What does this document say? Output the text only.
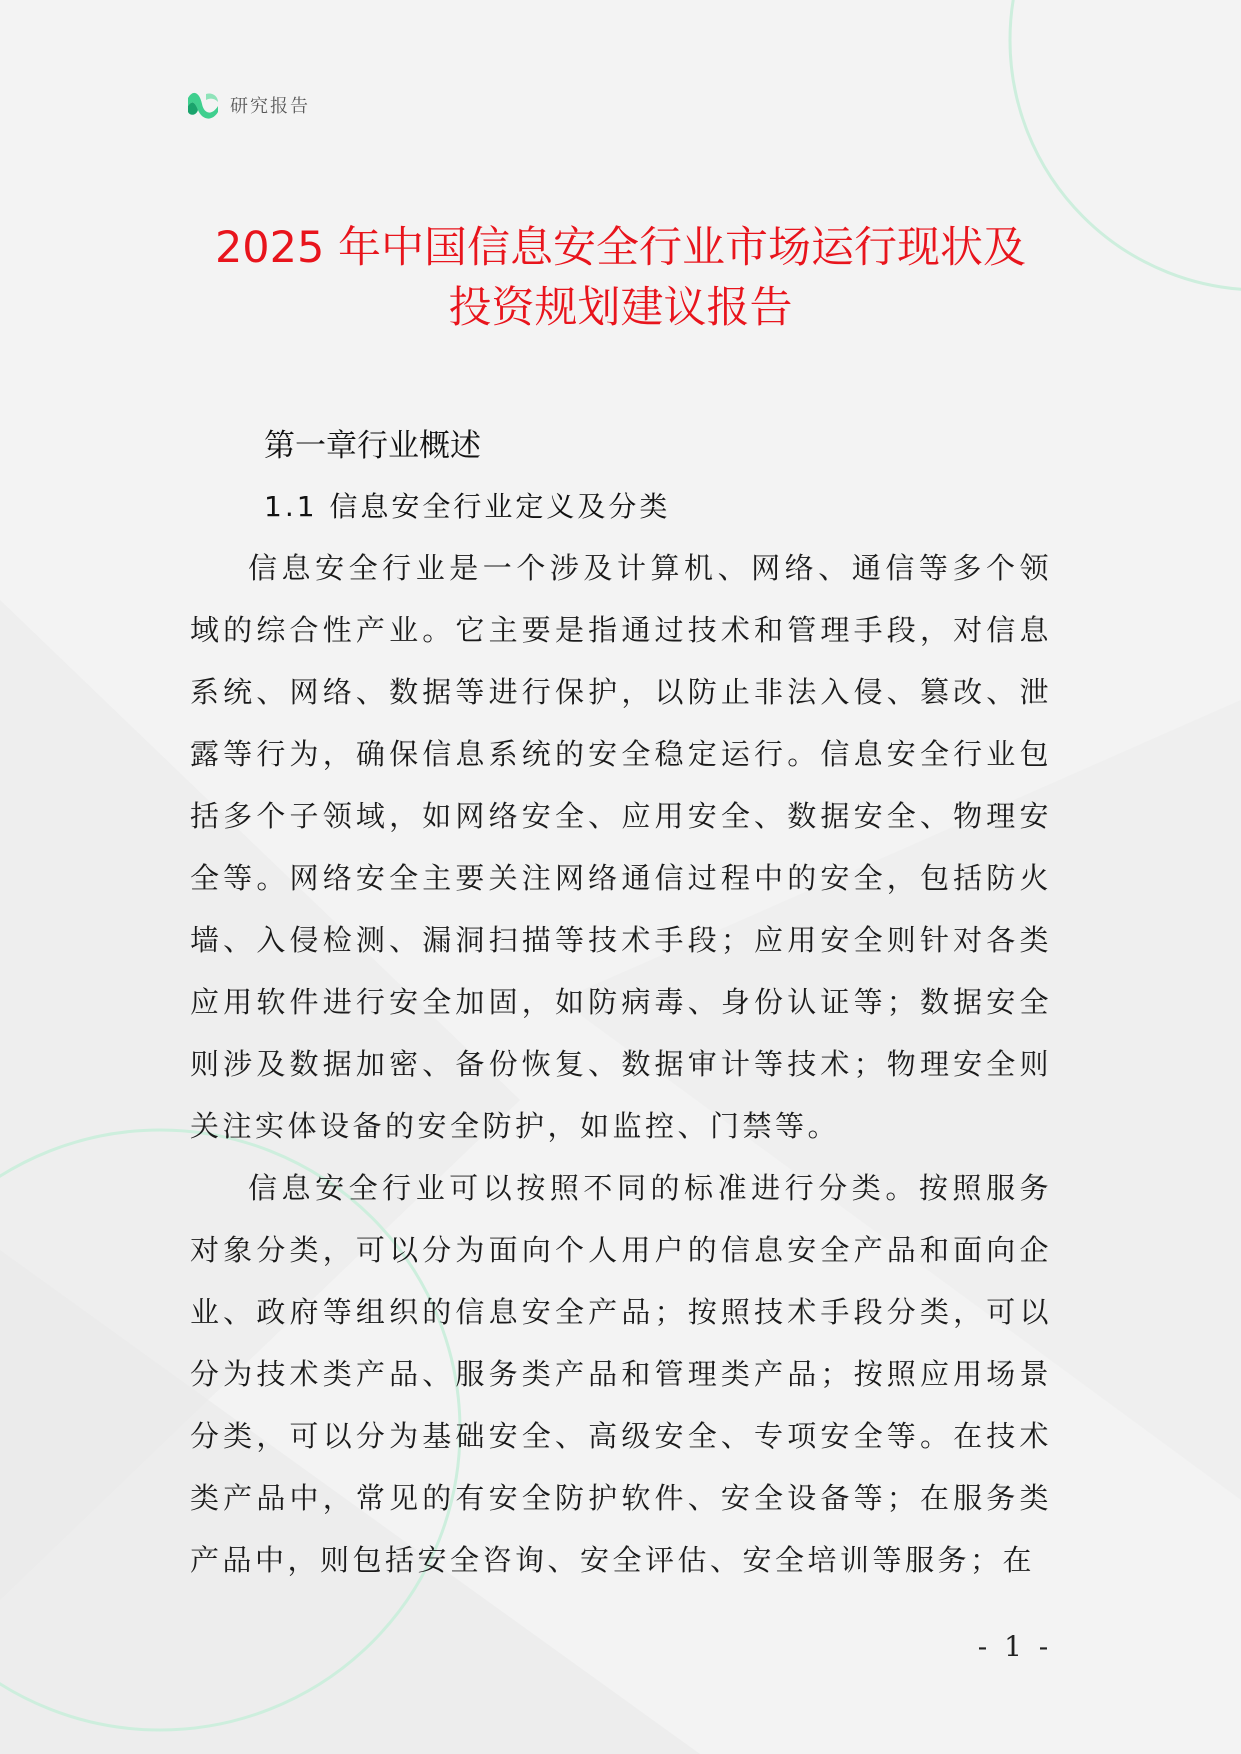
研究报告
2025 年中国信息安全行业市场运行现状及
投资规划建议报告
第一章行业概述
1.1 信息安全行业定义及分类

信息安全行业是一个涉及计算机、网络、通信等多个领域的综合性产业。它主要是指通过技术和管理手段，对信息系统、网络、数据等进行保护，以防止非法入侵、篡改、泄露等行为，确保信息系统的安全稳定运行。信息安全行业包括多个子领域，如网络安全、应用安全、数据安全、物理安全等。网络安全主要关注网络通信过程中的安全，包括防火墙、入侵检测、漏洞扫描等技术手段；应用安全则针对各类应用软件进行安全加固，如防病毒、身份认证等；数据安全则涉及数据加密、备份恢复、数据审计等技术；物理安全则关注实体设备的安全防护，如监控、门禁等。

信息安全行业可以按照不同的标准进行分类。按照服务对象分类，可以分为面向个人用户的信息安全产品和面向企业、政府等组织的信息安全产品；按照技术手段分类，可以分为技术类产品、服务类产品和管理类产品；按照应用场景分类，可以分为基础安全、高级安全、专项安全等。在技术类产品中，常见的有安全防护软件、安全设备等；在服务类产品中，则包括安全咨询、安全评估、安全培训等服务；在

- 1 -
